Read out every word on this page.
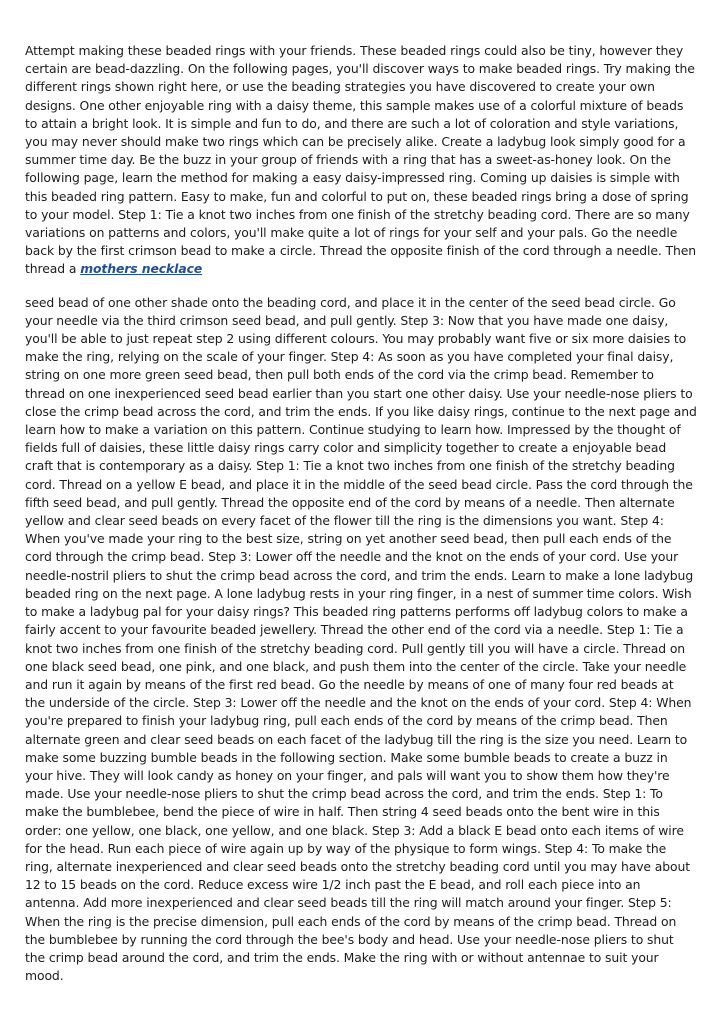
Attempt making these beaded rings with your friends. These beaded rings could also be tiny, however they certain are bead-dazzling. On the following pages, you'll discover ways to make beaded rings. Try making the different rings shown right here, or use the beading strategies you have discovered to create your own designs. One other enjoyable ring with a daisy theme, this sample makes use of a colorful mixture of beads to attain a bright look. It is simple and fun to do, and there are such a lot of coloration and style variations, you may never should make two rings which can be precisely alike. Create a ladybug look simply good for a summer time day. Be the buzz in your group of friends with a ring that has a sweet-as-honey look. On the following page, learn the method for making a easy daisy-impressed ring. Coming up daisies is simple with this beaded ring pattern. Easy to make, fun and colorful to put on, these beaded rings bring a dose of spring to your model. Step 1: Tie a knot two inches from one finish of the stretchy beading cord. There are so many variations on patterns and colors, you'll make quite a lot of rings for your self and your pals. Go the needle back by the first crimson bead to make a circle. Thread the opposite finish of the cord through a needle. Then thread a mothers necklace

seed bead of one other shade onto the beading cord, and place it in the center of the seed bead circle. Go your needle via the third crimson seed bead, and pull gently. Step 3: Now that you have made one daisy, you'll be able to just repeat step 2 using different colours. You may probably want five or six more daisies to make the ring, relying on the scale of your finger. Step 4: As soon as you have completed your final daisy, string on one more green seed bead, then pull both ends of the cord via the crimp bead. Remember to thread on one inexperienced seed bead earlier than you start one other daisy. Use your needle-nose pliers to close the crimp bead across the cord, and trim the ends. If you like daisy rings, continue to the next page and learn how to make a variation on this pattern. Continue studying to learn how. Impressed by the thought of fields full of daisies, these little daisy rings carry color and simplicity together to create a enjoyable bead craft that is contemporary as a daisy. Step 1: Tie a knot two inches from one finish of the stretchy beading cord. Thread on a yellow E bead, and place it in the middle of the seed bead circle. Pass the cord through the fifth seed bead, and pull gently. Thread the opposite end of the cord by means of a needle. Then alternate yellow and clear seed beads on every facet of the flower till the ring is the dimensions you want. Step 4: When you've made your ring to the best size, string on yet another seed bead, then pull each ends of the cord through the crimp bead. Step 3: Lower off the needle and the knot on the ends of your cord. Use your needle-nostril pliers to shut the crimp bead across the cord, and trim the ends. Learn to make a lone ladybug beaded ring on the next page. A lone ladybug rests in your ring finger, in a nest of summer time colors. Wish to make a ladybug pal for your daisy rings? This beaded ring patterns performs off ladybug colors to make a fairly accent to your favourite beaded jewellery. Thread the other end of the cord via a needle. Step 1: Tie a knot two inches from one finish of the stretchy beading cord. Pull gently till you will have a circle. Thread on one black seed bead, one pink, and one black, and push them into the center of the circle. Take your needle and run it again by means of the first red bead. Go the needle by means of one of many four red beads at the underside of the circle. Step 3: Lower off the needle and the knot on the ends of your cord. Step 4: When you're prepared to finish your ladybug ring, pull each ends of the cord by means of the crimp bead. Then alternate green and clear seed beads on each facet of the ladybug till the ring is the size you need. Learn to make some buzzing bumble beads in the following section. Make some bumble beads to create a buzz in your hive. They will look candy as honey on your finger, and pals will want you to show them how they're made. Use your needle-nose pliers to shut the crimp bead across the cord, and trim the ends. Step 1: To make the bumblebee, bend the piece of wire in half. Then string 4 seed beads onto the bent wire in this order: one yellow, one black, one yellow, and one black. Step 3: Add a black E bead onto each items of wire for the head. Run each piece of wire again up by way of the physique to form wings. Step 4: To make the ring, alternate inexperienced and clear seed beads onto the stretchy beading cord until you may have about 12 to 15 beads on the cord. Reduce excess wire 1/2 inch past the E bead, and roll each piece into an antenna. Add more inexperienced and clear seed beads till the ring will match around your finger. Step 5: When the ring is the precise dimension, pull each ends of the cord by means of the crimp bead. Thread on the bumblebee by running the cord through the bee's body and head. Use your needle-nose pliers to shut the crimp bead around the cord, and trim the ends. Make the ring with or without antennae to suit your mood.
